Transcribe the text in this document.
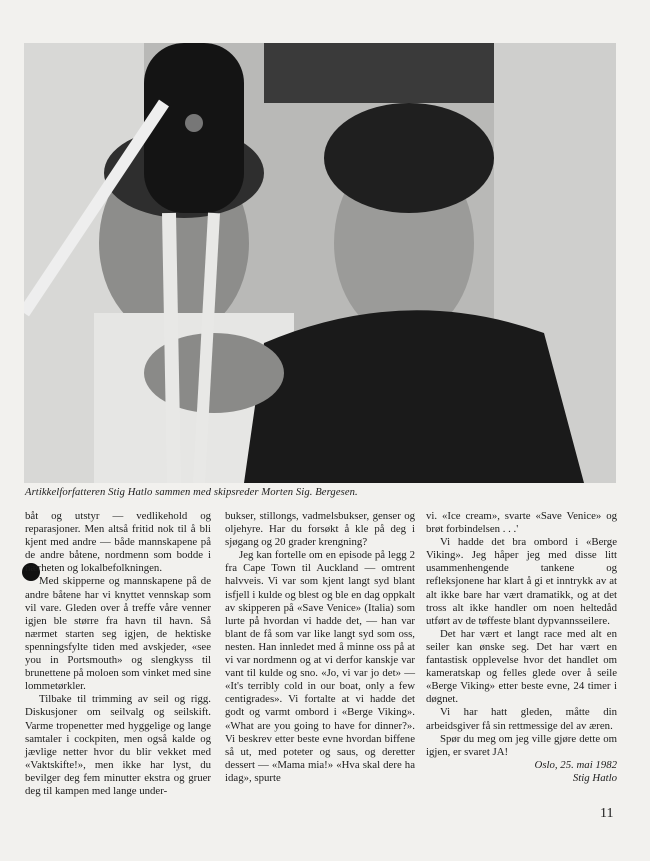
Artikkelforfatteren Stig Hatlo sammen med skipsreder Morten Sig. Bergesen.

båt og utstyr — vedlikehold og reparasjoner. Men altså fritid nok til å bli kjent med andre — både mannskapene på de andre båtene, nordmenn som bodde i nærheten og lokalbefolkningen.

Med skipperne og mannskapene på de andre båtene har vi knyttet vennskap som vil vare. Gleden over å treffe våre venner igjen ble større fra havn til havn. Så nærmet starten seg igjen, de hektiske spenningsfylte tiden med avskjeder, «see you in Portsmouth» og slengkyss til brunettene på moloen som vinket med sine lommetørkler.

Tilbake til trimming av seil og rigg. Diskusjoner om seilvalg og seilskift. Varme tropenetter med hyggelige og lange samtaler i cockpiten, men også kalde og jævlige netter hvor du blir vekket med «Vaktskifte!», men ikke har lyst, du bevilger deg fem minutter ekstra og gruer deg til kampen med lange under-

bukser, stillongs, vadmelsbukser, genser og oljehyre. Har du forsøkt å kle på deg i sjøgang og 20 grader krengning?

Jeg kan fortelle om en episode på legg 2 fra Cape Town til Auckland — omtrent halvveis. Vi var som kjent langt syd blant isfjell i kulde og blest og ble en dag oppkalt av skipperen på «Save Venice» (Italia) som lurte på hvordan vi hadde det, — han var blant de få som var like langt syd som oss, nesten. Han innledet med å minne oss på at vi var nordmenn og at vi derfor kanskje var vant til kulde og sno. «Jo, vi var jo det» — «It's terribly cold in our boat, only a few centigrades». Vi fortalte at vi hadde det godt og varmt ombord i «Berge Viking». «What are you going to have for dinner?». Vi beskrev etter beste evne hvordan biffene så ut, med poteter og saus, og deretter dessert — «Mama mia!» «Hva skal dere ha idag», spurte

vi. «Ice cream», svarte «Save Venice» og brøt forbindelsen . . .'

Vi hadde det bra ombord i «Berge Viking». Jeg håper jeg med disse litt usammenhengende tankene og refleksjonene har klart å gi et inntrykk av at alt ikke bare har vært dramatikk, og at det tross alt ikke handler om noen heltedåd utført av de tøffeste blant dypvannsseilere.

Det har vært et langt race med alt en seiler kan ønske seg. Det har vært en fantastisk opplevelse hvor det handlet om kameratskap og felles glede over å seile «Berge Viking» etter beste evne, 24 timer i døgnet.

Vi har hatt gleden, måtte din arbeidsgiver få sin rettmessige del av æren.

Spør du meg om jeg ville gjøre dette om igjen, er svaret JA!

Oslo, 25. mai 1982

Stig Hatlo

11
